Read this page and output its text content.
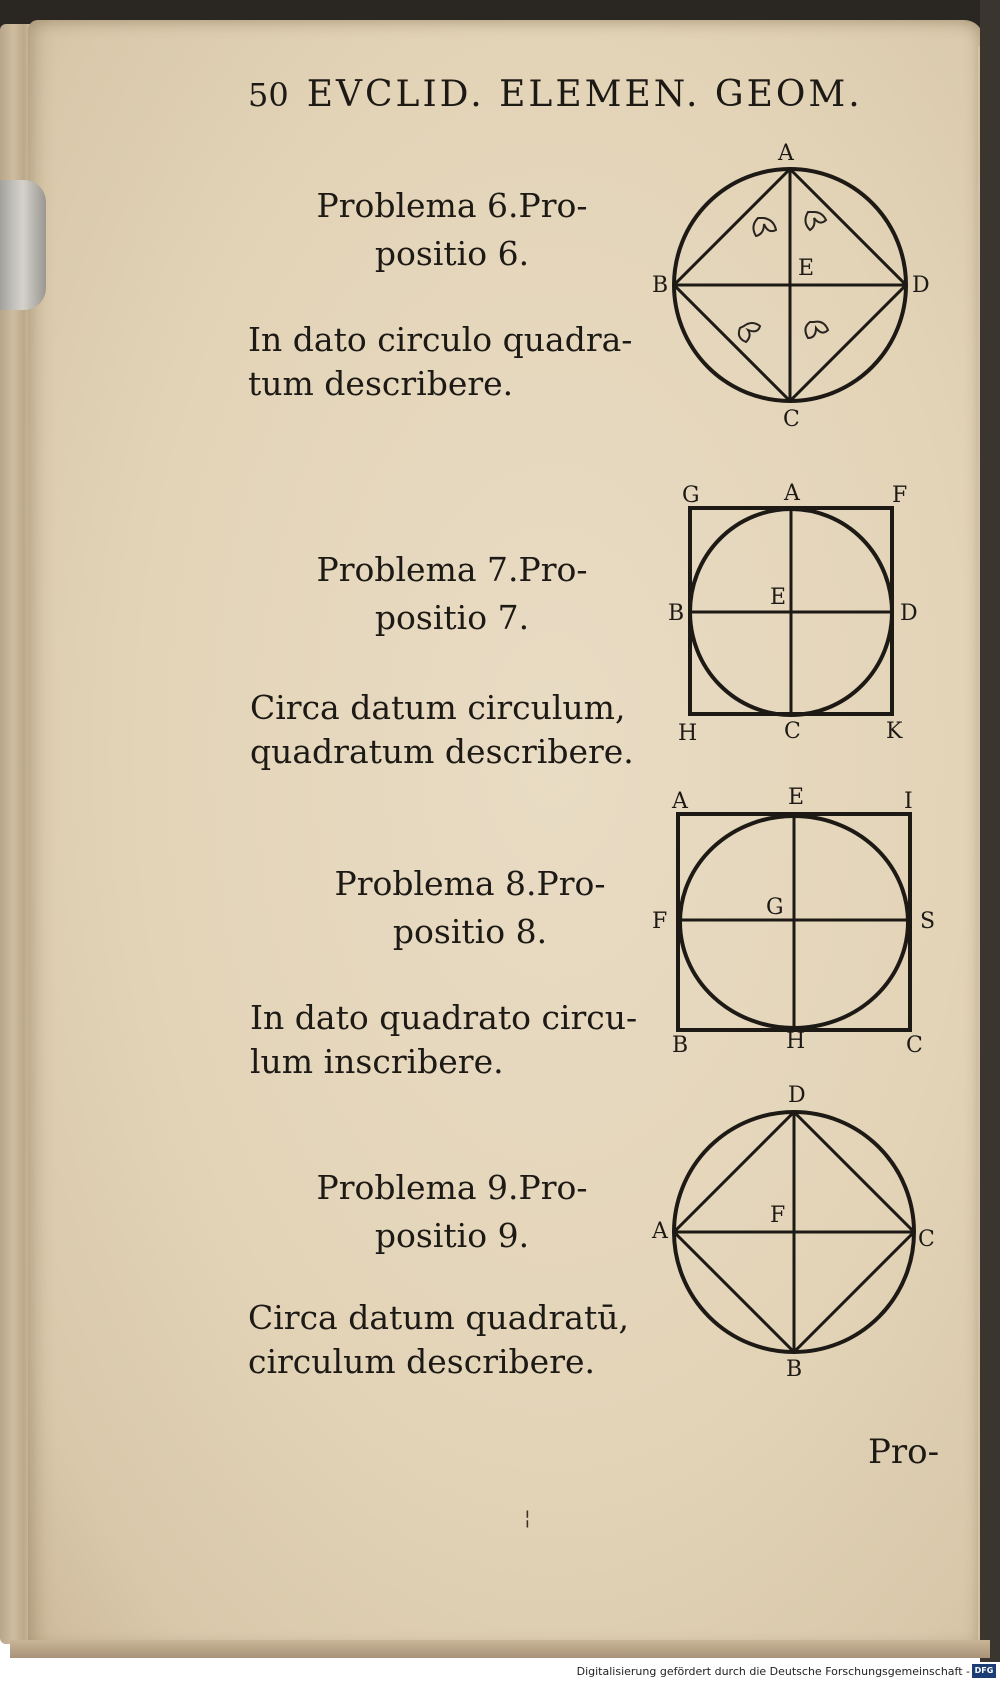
50 EVCLID. ELEMEN. GEOM.
Problema 6.Pro-
positio 6.
In dato circulo quadra-
tum describere.
A
B	D
C
E
Problema 7.Pro-
positio 7.
Circa datum circulum,
quadratum describere.
G	A	F
B	D
H	C	K
E
Problema 8.Pro-
positio 8.
In dato quadrato circu-
lum inscribere.
A	E	I
F	S
B	H	C
G
Problema 9.Pro-
positio 9.
Circa datum quadratū,
circulum describere.
D
A	C
B
F
Pro-
¦
Digitalisierung gefördert durch die Deutsche Forschungsgemeinschaft - DFG
